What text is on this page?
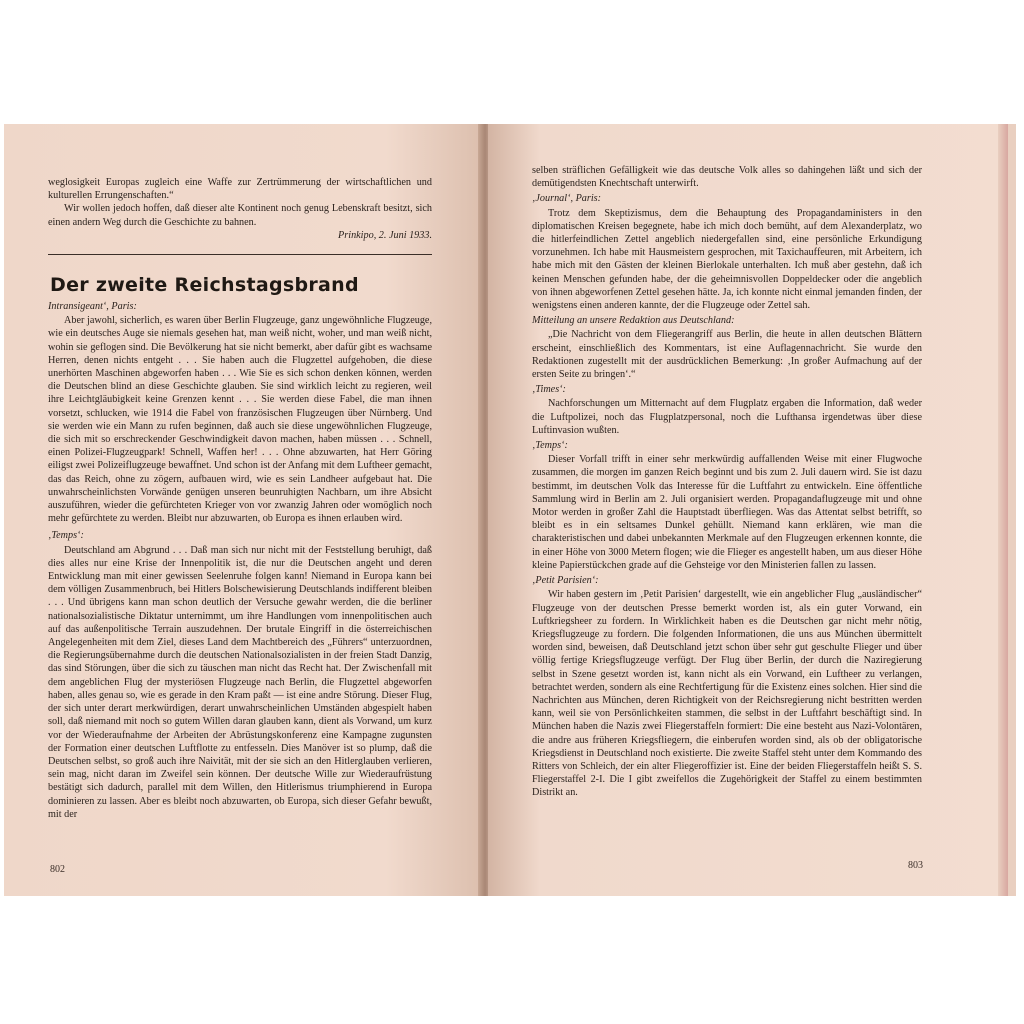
weglosigkeit Europas zugleich eine Waffe zur Zertrümmerung der wirtschaftlichen und kulturellen Errungenschaften.“

Wir wollen jedoch hoffen, daß dieser alte Kontinent noch genug Lebenskraft besitzt, sich einen andern Weg durch die Geschichte zu bahnen.

Prinkipo, 2. Juni 1933.
Der zweite Reichstagsbrand

Intransigeant‘, Paris:

Aber jawohl, sicherlich, es waren über Berlin Flugzeuge, ganz ungewöhnliche Flugzeuge, wie ein deutsches Auge sie niemals gesehen hat, man weiß nicht, woher, und man weiß nicht, wohin sie geflogen sind. Die Bevölkerung hat sie nicht bemerkt, aber dafür gibt es wachsame Herren, denen nichts entgeht . . . Sie haben auch die Flugzettel aufgehoben, die diese unerhörten Maschinen abgeworfen haben . . . Wie Sie es sich schon denken können, werden die Deutschen blind an diese Geschichte glauben. Sie sind wirklich leicht zu regieren, weil ihre Leichtgläubigkeit keine Grenzen kennt . . . Sie werden diese Fabel, die man ihnen vorsetzt, schlucken, wie 1914 die Fabel von französischen Flugzeugen über Nürnberg. Und sie werden wie ein Mann zu rufen beginnen, daß auch sie diese ungewöhnlichen Flugzeuge, die sich mit so erschreckender Geschwindigkeit davon machen, haben müssen . . . Schnell, einen Polizei-Flugzeugpark! Schnell, Waffen her! . . . Ohne abzuwarten, hat Herr Göring eiligst zwei Polizeiflugzeuge bewaffnet. Und schon ist der Anfang mit dem Luftheer gemacht, das das Reich, ohne zu zögern, aufbauen wird, wie es sein Landheer aufgebaut hat. Die unwahrscheinlichsten Vorwände genügen unseren beunruhigten Nachbarn, um ihre Absicht auszuführen, wieder die gefürchteten Krieger von vor zwanzig Jahren oder womöglich noch mehr gefürchtete zu werden. Bleibt nur abzuwarten, ob Europa es ihnen erlauben wird.

‚Temps‘:

Deutschland am Abgrund . . . Daß man sich nur nicht mit der Feststellung beruhigt, daß dies alles nur eine Krise der Innenpolitik ist, die nur die Deutschen angeht und deren Entwicklung man mit einer gewissen Seelenruhe folgen kann! Niemand in Europa kann bei dem völligen Zusammenbruch, bei Hitlers Bolschewisierung Deutschlands indifferent bleiben . . . Und übrigens kann man schon deutlich der Versuche gewahr werden, die die berliner nationalsozialistische Diktatur unternimmt, um ihre Handlungen vom innenpolitischen auch auf das außenpolitische Terrain auszudehnen. Der brutale Eingriff in die österreichischen Angelegenheiten mit dem Ziel, dieses Land dem Machtbereich des „Führers“ unterzuordnen, die Regierungsübernahme durch die deutschen Nationalsozialisten in der freien Stadt Danzig, das sind Störungen, über die sich zu täuschen man nicht das Recht hat. Der Zwischenfall mit dem angeblichen Flug der mysteriösen Flugzeuge nach Berlin, die Flugzettel abgeworfen haben, alles genau so, wie es gerade in den Kram paßt — ist eine andre Störung. Dieser Flug, der sich unter derart merkwürdigen, derart unwahrscheinlichen Umständen abgespielt haben soll, daß niemand mit noch so gutem Willen daran glauben kann, dient als Vorwand, um kurz vor der Wiederaufnahme der Arbeiten der Abrüstungskonferenz eine Kampagne zugunsten der Formation einer deutschen Luftflotte zu entfesseln. Dies Manöver ist so plump, daß die Deutschen selbst, so groß auch ihre Naivität, mit der sie sich an den Hitlerglauben verlieren, sein mag, nicht daran im Zweifel sein können. Der deutsche Wille zur Wiederaufrüstung bestätigt sich dadurch, parallel mit dem Willen, den Hitlerismus triumphierend in Europa dominieren zu lassen. Aber es bleibt noch abzuwarten, ob Europa, sich dieser Gefahr bewußt, mit der

802

selben sträflichen Gefälligkeit wie das deutsche Volk alles so dahingehen läßt und sich der demütigendsten Knechtschaft unterwirft.

‚Journal‘, Paris:

Trotz dem Skeptizismus, dem die Behauptung des Propagandaministers in den diplomatischen Kreisen begegnete, habe ich mich doch bemüht, auf dem Alexanderplatz, wo die hitlerfeindlichen Zettel angeblich niedergefallen sind, eine persönliche Erkundigung vorzunehmen. Ich habe mit Hausmeistern gesprochen, mit Taxichauffeuren, mit Arbeitern, ich habe mich mit den Gästen der kleinen Bierlokale unterhalten. Ich muß aber gestehn, daß ich keinen Menschen gefunden habe, der die geheimnisvollen Doppeldecker oder die angeblich von ihnen abgeworfenen Zettel gesehen hätte. Ja, ich konnte nicht einmal jemanden finden, der wenigstens einen anderen kannte, der die Flugzeuge oder Zettel sah.

Mitteilung an unsere Redaktion aus Deutschland:

„Die Nachricht von dem Fliegerangriff aus Berlin, die heute in allen deutschen Blättern erscheint, einschließlich des Kommentars, ist eine Auflagennachricht. Sie wurde den Redaktionen zugestellt mit der ausdrücklichen Bemerkung: ‚In großer Aufmachung auf der ersten Seite zu bringen‘.“

‚Times‘:

Nachforschungen um Mitternacht auf dem Flugplatz ergaben die Information, daß weder die Luftpolizei, noch das Flugplatzpersonal, noch die Lufthansa irgendetwas über diese Luftinvasion wußten.

‚Temps‘:

Dieser Vorfall trifft in einer sehr merkwürdig auffallenden Weise mit einer Flugwoche zusammen, die morgen im ganzen Reich beginnt und bis zum 2. Juli dauern wird. Sie ist dazu bestimmt, im deutschen Volk das Interesse für die Luftfahrt zu entwickeln. Eine öffentliche Sammlung wird in Berlin am 2. Juli organisiert werden. Propagandaflugzeuge mit und ohne Motor werden in großer Zahl die Hauptstadt überfliegen. Was das Attentat selbst betrifft, so bleibt es in ein seltsames Dunkel gehüllt. Niemand kann erklären, wie man die charakteristischen und dabei unbekannten Merkmale auf den Flugzeugen erkennen konnte, die in einer Höhe von 3000 Metern flogen; wie die Flieger es angestellt haben, um aus dieser Höhe kleine Papierstückchen grade auf die Gehsteige vor den Ministerien fallen zu lassen.

‚Petit Parisien‘:

Wir haben gestern im ‚Petit Parisien‘ dargestellt, wie ein angeblicher Flug „ausländischer“ Flugzeuge von der deutschen Presse bemerkt worden ist, als ein guter Vorwand, ein Luftkriegsheer zu fordern. In Wirklichkeit haben es die Deutschen gar nicht mehr nötig, Kriegsflugzeuge zu fordern. Die folgenden Informationen, die uns aus München übermittelt worden sind, beweisen, daß Deutschland jetzt schon über sehr gut geschulte Flieger und über völlig fertige Kriegsflugzeuge verfügt. Der Flug über Berlin, der durch die Naziregierung selbst in Szene gesetzt worden ist, kann nicht als ein Vorwand, ein Luftheer zu verlangen, betrachtet werden, sondern als eine Rechtfertigung für die Existenz eines solchen. Hier sind die Nachrichten aus München, deren Richtigkeit von der Reichsregierung nicht bestritten werden kann, weil sie von Persönlichkeiten stammen, die selbst in der Luftfahrt beschäftigt sind. In München haben die Nazis zwei Fliegerstaffeln formiert: Die eine besteht aus Nazi-Volontären, die andre aus früheren Kriegsfliegern, die einberufen worden sind, als ob der obligatorische Kriegsdienst in Deutschland noch existierte. Die zweite Staffel steht unter dem Kommando des Ritters von Schleich, der ein alter Fliegeroffizier ist. Eine der beiden Fliegerstaffeln heißt S. S. Fliegerstaffel 2-I. Die I gibt zweifellos die Zugehörigkeit der Staffel zu einem bestimmten Distrikt an.

803
